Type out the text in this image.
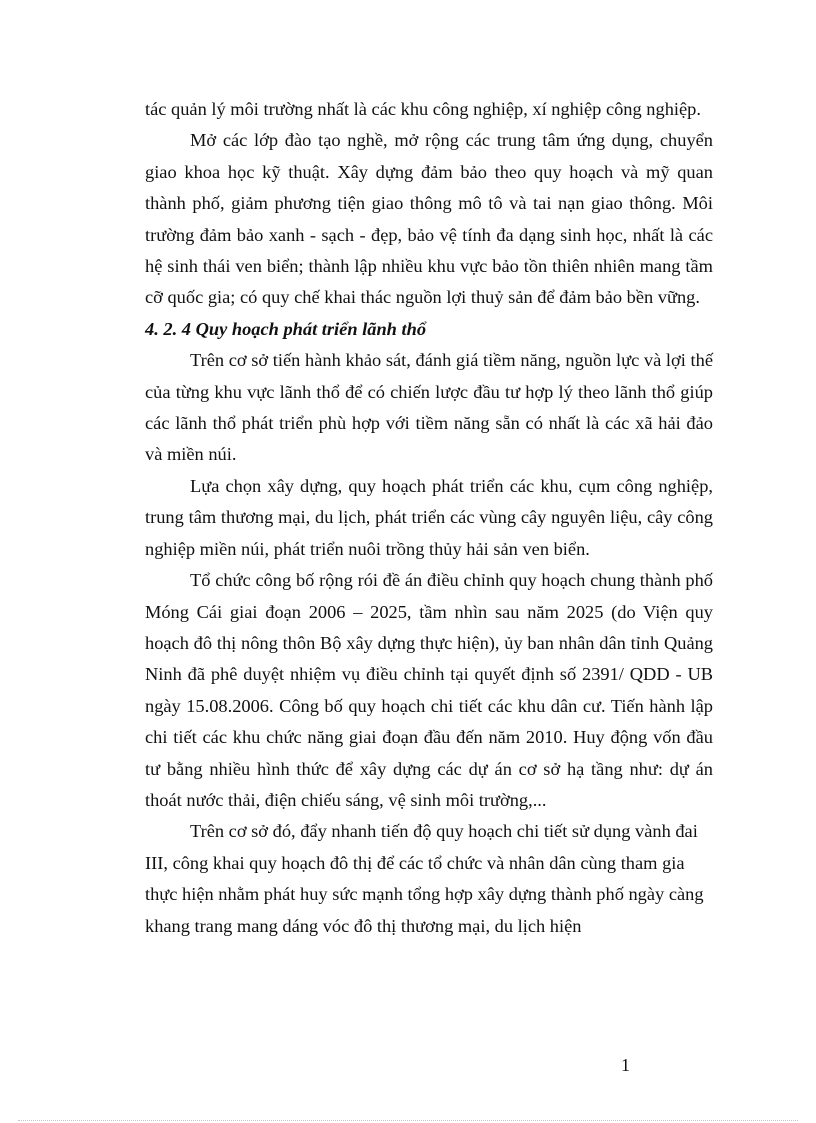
tác quản lý môi trường nhất là các khu công nghiệp, xí nghiệp công nghiệp.

Mở các lớp đào tạo nghề, mở rộng các trung tâm ứng dụng, chuyển giao khoa học kỹ thuật. Xây dựng đảm bảo theo quy hoạch và mỹ quan thành phố, giảm phương tiện giao thông mô tô và tai nạn giao thông. Môi trường đảm bảo xanh - sạch - đẹp, bảo vệ tính đa dạng sinh học, nhất là các hệ sinh thái ven biển; thành lập nhiều khu vực bảo tồn thiên nhiên mang tầm cỡ quốc gia; có quy chế khai thác nguồn lợi thuỷ sản để đảm bảo bền vững.

4. 2. 4 Quy hoạch phát triển lãnh thổ

Trên cơ sở tiến hành khảo sát, đánh giá tiềm năng, nguồn lực và lợi thế của từng khu vực lãnh thổ để có chiến lược đầu tư hợp lý theo lãnh thổ giúp các lãnh thổ phát triển phù hợp với tiềm năng sẵn có nhất là các xã hải đảo và miền núi.

Lựa chọn xây dựng, quy hoạch phát triển các khu, cụm công nghiệp, trung tâm thương mại, du lịch, phát triển các vùng cây nguyên liệu, cây công nghiệp miền núi, phát triển nuôi trồng thủy hải sản ven biển.

Tổ chức công bố rộng rói đề án điều chỉnh quy hoạch chung thành phố Móng Cái giai đoạn 2006 – 2025, tầm nhìn sau năm 2025 (do Viện quy hoạch đô thị nông thôn Bộ xây dựng thực hiện), ủy ban nhân dân tỉnh Quảng Ninh đã phê duyệt nhiệm vụ điều chỉnh tại quyết định số 2391/ QDD - UB ngày 15.08.2006. Công bố quy hoạch chi tiết các khu dân cư. Tiến hành lập chi tiết các khu chức năng giai đoạn đầu đến năm 2010. Huy động vốn đầu tư bằng nhiều hình thức để xây dựng các dự án cơ sở hạ tầng như: dự án thoát nước thải, điện chiếu sáng, vệ sinh môi trường,...

Trên cơ sở đó, đẩy nhanh tiến độ quy hoạch chi tiết sử dụng vành đai III, công khai quy hoạch đô thị để các tổ chức và nhân dân cùng tham gia thực hiện nhằm phát huy sức mạnh tổng hợp xây dựng thành phố ngày càng khang trang mang dáng vóc đô thị thương mại, du lịch hiện

1
